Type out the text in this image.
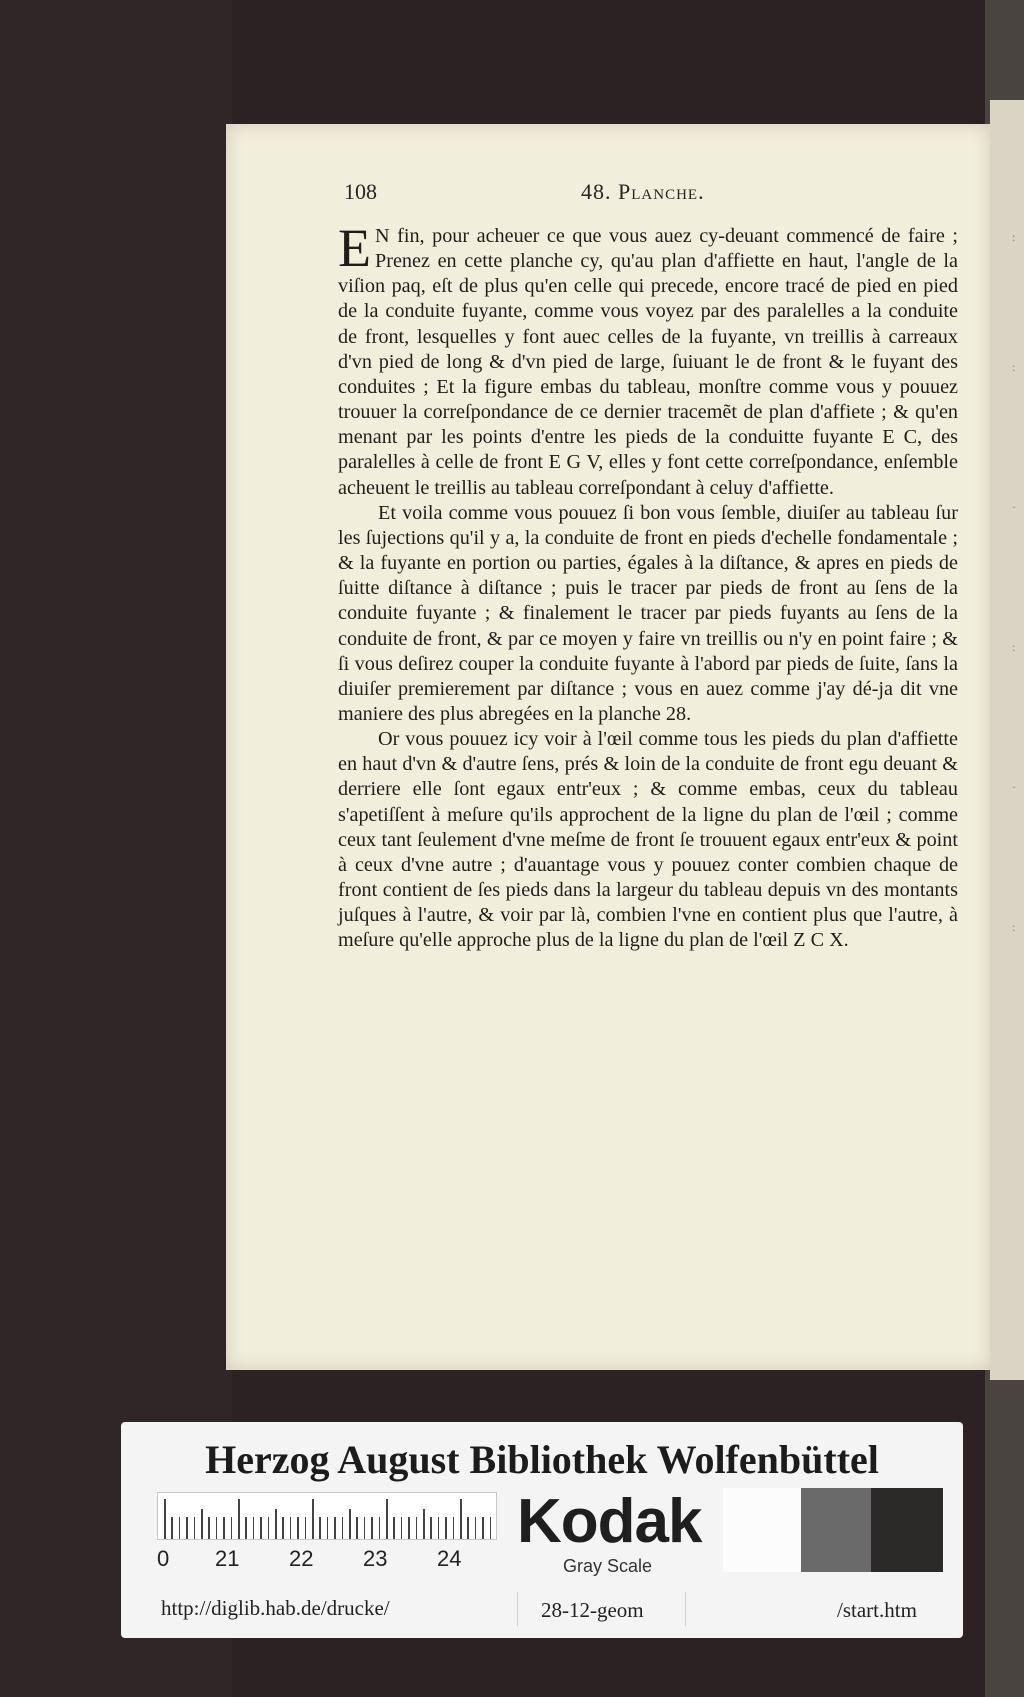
108	48. Planche.

E N fin, pour acheuer ce que vous auez cy-deuant commencé de faire ; Prenez en cette planche cy, qu'au plan d'affiette en haut, l'angle de la viſion paq, eſt de plus qu'en celle qui precede, encore tracé de pied en pied de la conduite fuyante, comme vous voyez par des paralelles a la conduite de front, lesquelles y font auec celles de la fuyante, vn treillis à carreaux d'vn pied de long & d'vn pied de large, ſuiuant le de front & le fuyant des conduites ; Et la figure embas du tableau, monſtre comme vous y pouuez trouuer la correſpondance de ce dernier tracemẽt de plan d'affiete ; & qu'en menant par les points d'entre les pieds de la conduitte fuyante E C, des paralelles à celle de front E G V, elles y font cette correſpondance, enſemble acheuent le treillis au tableau correſpondant à celuy d'affiette.

Et voila comme vous pouuez ſi bon vous ſemble, diuiſer au tableau ſur les ſujections qu'il y a, la conduite de front en pieds d'echelle fondamentale ; & la fuyante en portion ou parties, égales à la diſtance, & apres en pieds de ſuitte diſtance à diſtance ; puis le tracer par pieds de front au ſens de la conduite fuyante ; & finalement le tracer par pieds fuyants au ſens de la conduite de front, & par ce moyen y faire vn treillis ou n'y en point faire ; & ſi vous deſirez couper la conduite fuyante à l'abord par pieds de ſuite, ſans la diuiſer premierement par diſtance ; vous en auez comme j'ay dé-ja dit vne maniere des plus abregées en la planche 28.

Or vous pouuez icy voir à l'œil comme tous les pieds du plan d'affiette en haut d'vn & d'autre ſens, prés & loin de la conduite de front egu deuant & derriere elle ſont egaux entr'eux ; & comme embas, ceux du tableau s'apetiſſent à meſure qu'ils approchent de la ligne du plan de l'œil ; comme ceux tant ſeulement d'vne meſme de front ſe trouuent egaux entr'eux & point à ceux d'vne autre ; d'auantage vous y pouuez conter combien chaque de front contient de ſes pieds dans la largeur du tableau depuis vn des montants juſques à l'autre, & voir par là, combien l'vne en contient plus que l'autre, à meſure qu'elle approche plus de la ligne du plan de l'œil Z C X.

:
:
·
:
·
:
Herzog August Bibliothek Wolfenbüttel
0 21 22 23 24
Kodak
Gray Scale
http://diglib.hab.de/drucke/	28-12-geom	/start.htm
